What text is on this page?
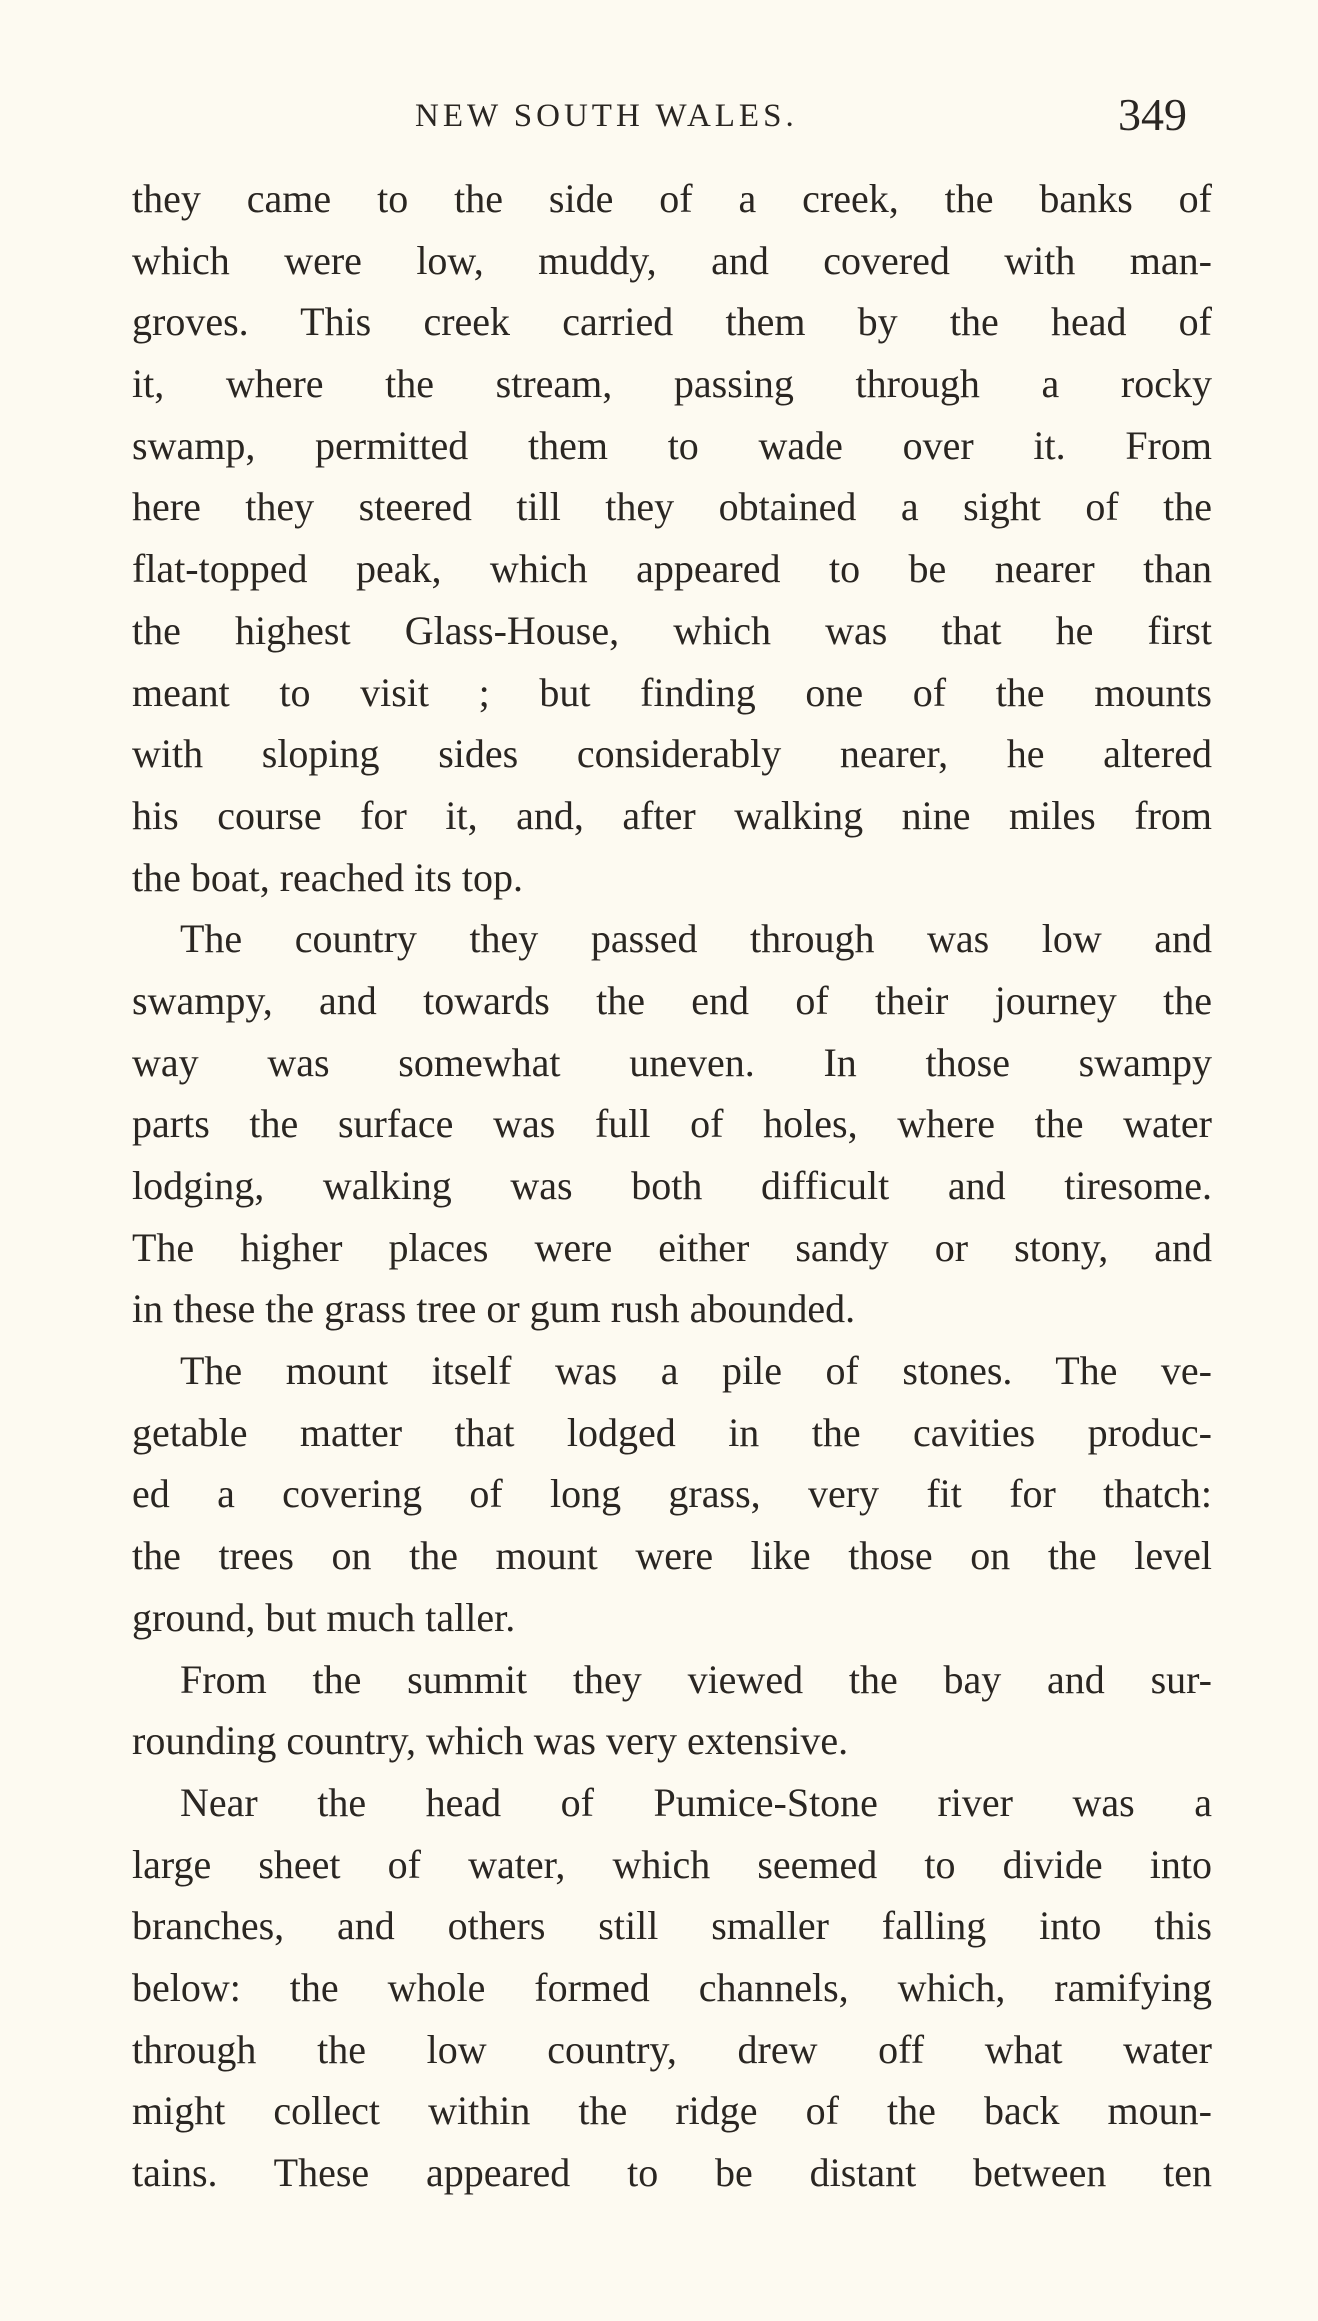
NEW SOUTH WALES.	349
they came to the side of a creek, the banks of
which were low, muddy, and covered with man-
groves. This creek carried them by the head of
it, where the stream, passing through a rocky
swamp, permitted them to wade over it. From
here they steered till they obtained a sight of the
flat-topped peak, which appeared to be nearer than
the highest Glass-House, which was that he first
meant to visit ; but finding one of the mounts
with sloping sides considerably nearer, he altered
his course for it, and, after walking nine miles from
the boat, reached its top.
The country they passed through was low and
swampy, and towards the end of their journey the
way was somewhat uneven. In those swampy
parts the surface was full of holes, where the water
lodging, walking was both difficult and tiresome.
The higher places were either sandy or stony, and
in these the grass tree or gum rush abounded.
The mount itself was a pile of stones. The ve-
getable matter that lodged in the cavities produc-
ed a covering of long grass, very fit for thatch:
the trees on the mount were like those on the level
ground, but much taller.
From the summit they viewed the bay and sur-
rounding country, which was very extensive.
Near the head of Pumice-Stone river was a
large sheet of water, which seemed to divide into
branches, and others still smaller falling into this
below: the whole formed channels, which, ramifying
through the low country, drew off what water
might collect within the ridge of the back moun-
tains. These appeared to be distant between ten
